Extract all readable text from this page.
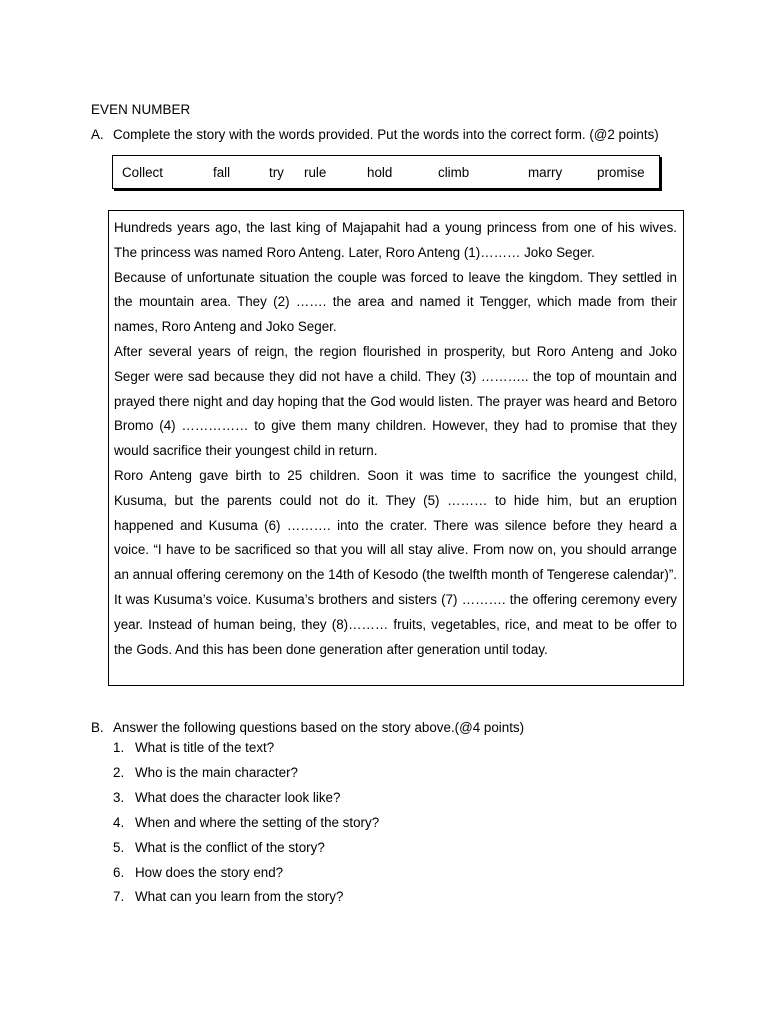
EVEN NUMBER
A. Complete the story with the words provided. Put the words into the correct form. (@2 points)
Collect	fall	try rule	hold	climb	marry	promise

Hundreds years ago, the last king of Majapahit had a young princess from one of his wives. The princess was named Roro Anteng. Later, Roro Anteng (1)……… Joko Seger.

Because of unfortunate situation the couple was forced to leave the kingdom. They settled in the mountain area. They (2) ……. the area and named it Tengger, which made from their names, Roro Anteng and Joko Seger.

After several years of reign, the region flourished in prosperity, but Roro Anteng and Joko Seger were sad because they did not have a child. They (3) ……….. the top of mountain and prayed there night and day hoping that the God would listen. The prayer was heard and Betoro Bromo (4) …………… to give them many children. However, they had to promise that they would sacrifice their youngest child in return.

Roro Anteng gave birth to 25 children. Soon it was time to sacrifice the youngest child, Kusuma, but the parents could not do it. They (5) ……… to hide him, but an eruption happened and Kusuma (6) ………. into the crater. There was silence before they heard a voice. “I have to be sacrificed so that you will all stay alive. From now on, you should arrange an annual offering ceremony on the 14th of Kesodo (the twelfth month of Tengerese calendar)”. It was Kusuma’s voice. Kusuma’s brothers and sisters (7) ………. the offering ceremony every year. Instead of human being, they (8)……… fruits, vegetables, rice, and meat to be offer to the Gods. And this has been done generation after generation until today.

B. Answer the following questions based on the story above.(@4 points)
1. What is title of the text?
2. Who is the main character?
3. What does the character look like?
4. When and where the setting of the story?
5. What is the conflict of the story?
6. How does the story end?
7. What can you learn from the story?
